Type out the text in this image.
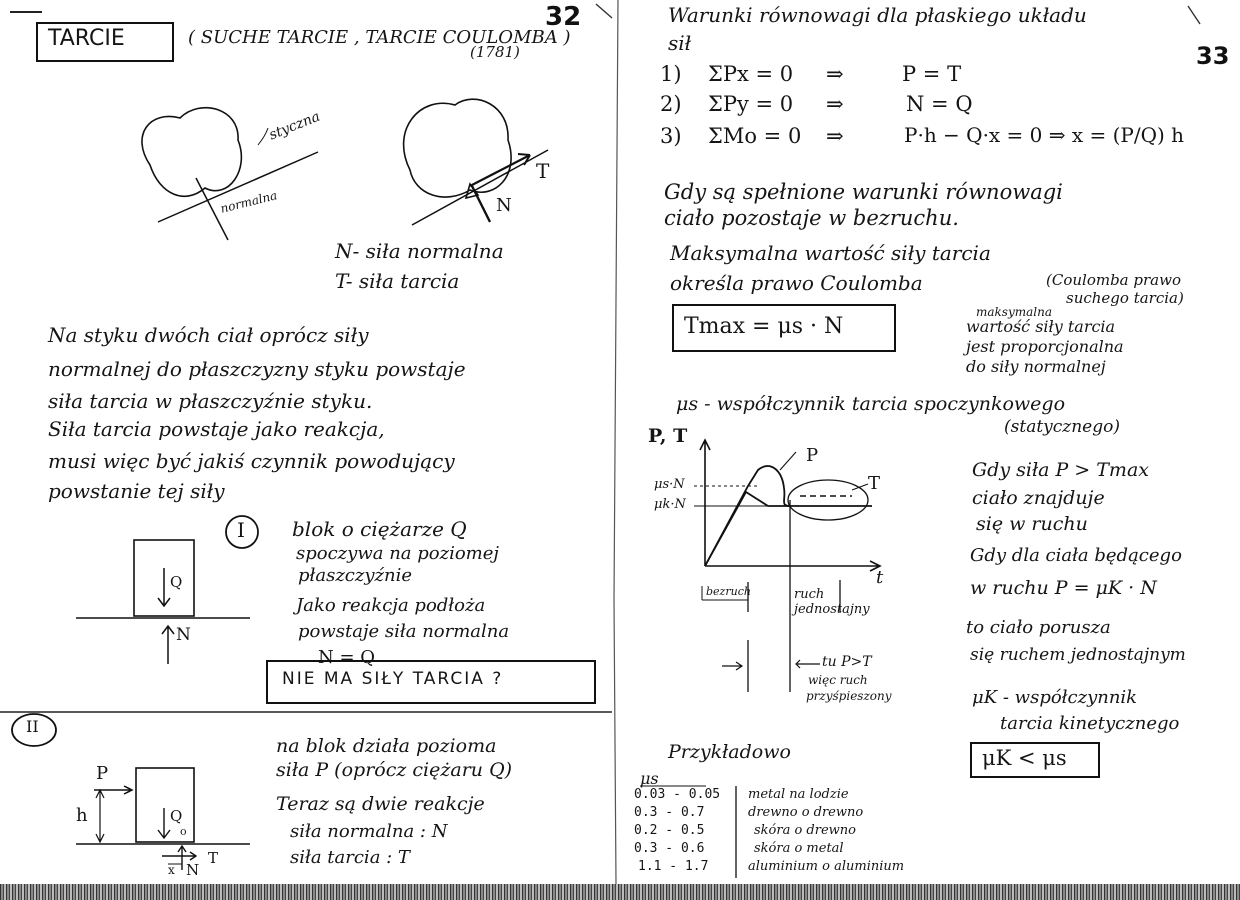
32
TARCIE	( SUCHE TARCIE , TARCIE COULOMBA )
(1781)
styczna
normalna
T
N
N- siła normalna
T- siła tarcia
Na styku dwóch ciał oprócz siły
normalnej do płaszczyzny styku powstaje
siła tarcia w płaszczyźnie styku.
Siła tarcia powstaje jako reakcja,
musi więc być jakiś czynnik powodujący
powstanie tej siły
I
Q
N
blok o ciężarze Q
spoczywa na poziomej
płaszczyźnie
Jako reakcja podłoża
powstaje siła normalna
N = Q
NIE MA SIŁY TARCIA ?
II
P
h	Q
o
x N
T
na blok działa pozioma
siła P (oprócz ciężaru Q)
Teraz są dwie reakcje
siła normalna : N
siła tarcia : T
33
Warunki równowagi dla płaskiego układu
sił
1) ΣPx = 0 ⇒	P = T
2) ΣPy = 0 ⇒	N = Q
3) ΣMo = 0 ⇒	P·h − Q·x = 0 ⇒ x = (P/Q) h
Gdy są spełnione warunki równowagi
ciało pozostaje w bezruchu.
Maksymalna wartość siły tarcia
określa prawo Coulomba	(Coulomba prawo
suchego tarcia)
Tmax = μs · N
maksymalna
wartość siły tarcia
jest proporcjonalna
do siły normalnej
μs - współczynnik tarcia spoczynkowego
(statycznego)
P, T
t
μs·N
μk·N
P
T
bezruch	ruch jednostajny
tu P>T
więc ruch
przyśpieszony
Gdy siła P > Tmax
ciało znajduje
się w ruchu
Gdy dla ciała będącego
w ruchu P = μK · N
to ciało porusza
się ruchem jednostajnym
μK - współczynnik
tarcia kinetycznego
μK < μs
Przykładowo
μs
0.03 - 0.05 metal na lodzie
0.3 - 0.7	drewno o drewno
0.2 - 0.5	skóra o drewno
0.3 - 0.6	skóra o metal
1.1 - 1.7	aluminium o aluminium
